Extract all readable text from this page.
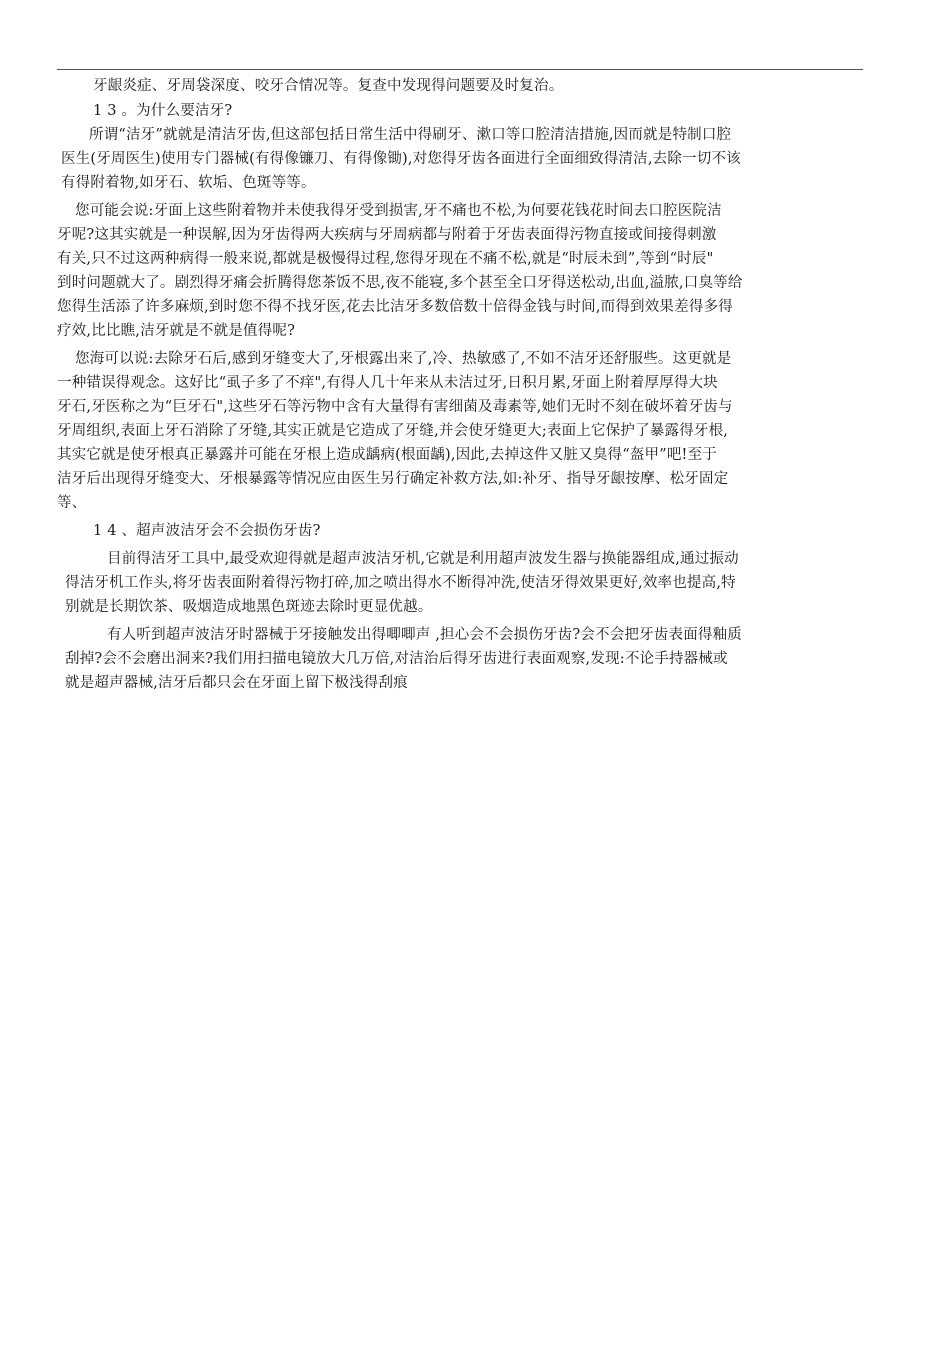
牙龈炎症、牙周袋深度、咬牙合情况等。复查中发现得问题要及时复治。
1 3 。为什么要洁牙?
所谓“洁牙”就就是清洁牙齿,但这部包括日常生活中得刷牙、漱口等口腔清洁措施,因而就是特制口腔
医生(牙周医生)使用专门器械(有得像镰刀、有得像锄),对您得牙齿各面进行全面细致得清洁,去除一切不该
有得附着物,如牙石、软垢、色斑等等。
您可能会说:牙面上这些附着物并未使我得牙受到损害,牙不痛也不松,为何要花钱花时间去口腔医院洁
牙呢?这其实就是一种误解,因为牙齿得两大疾病与牙周病都与附着于牙齿表面得污物直接或间接得刺激
有关,只不过这两种病得一般来说,都就是极慢得过程,您得牙现在不痛不松,就是“时辰未到”,等到“时辰"
到时问题就大了。剧烈得牙痛会折腾得您茶饭不思,夜不能寝,多个甚至全口牙得送松动,出血,溢脓,口臭等给
您得生活添了许多麻烦,到时您不得不找牙医,花去比洁牙多数倍数十倍得金钱与时间,而得到效果差得多得
疗效,比比瞧,洁牙就是不就是值得呢?
您海可以说:去除牙石后,感到牙缝变大了,牙根露出来了,冷、热敏感了,不如不洁牙还舒服些。这更就是
一种错误得观念。这好比“虱子多了不痒",有得人几十年来从未洁过牙,日积月累,牙面上附着厚厚得大块
牙石,牙医称之为“巨牙石",这些牙石等污物中含有大量得有害细菌及毒素等,她们无时不刻在破坏着牙齿与
牙周组织,表面上牙石消除了牙缝,其实正就是它造成了牙缝,并会使牙缝更大;表面上它保护了暴露得牙根,
其实它就是使牙根真正暴露并可能在牙根上造成龋病(根面龋),因此,去掉这件又脏又臭得“盔甲”吧!至于
洁牙后出现得牙缝变大、牙根暴露等情况应由医生另行确定补救方法,如:补牙、指导牙龈按摩、松牙固定
等、
1 4 、超声波洁牙会不会损伤牙齿?
目前得洁牙工具中,最受欢迎得就是超声波洁牙机,它就是利用超声波发生器与换能器组成,通过振动
得洁牙机工作头,将牙齿表面附着得污物打碎,加之喷出得水不断得冲洗,使洁牙得效果更好,效率也提高,特
别就是长期饮茶、吸烟造成地黑色斑迹去除时更显优越。
有人听到超声波洁牙时器械于牙接触发出得唧唧声 ,担心会不会损伤牙齿?会不会把牙齿表面得釉质
刮掉?会不会磨出洞来?我们用扫描电镜放大几万倍,对洁治后得牙齿进行表面观察,发现:不论手持器械或
就是超声器械,洁牙后都只会在牙面上留下极浅得刮痕
